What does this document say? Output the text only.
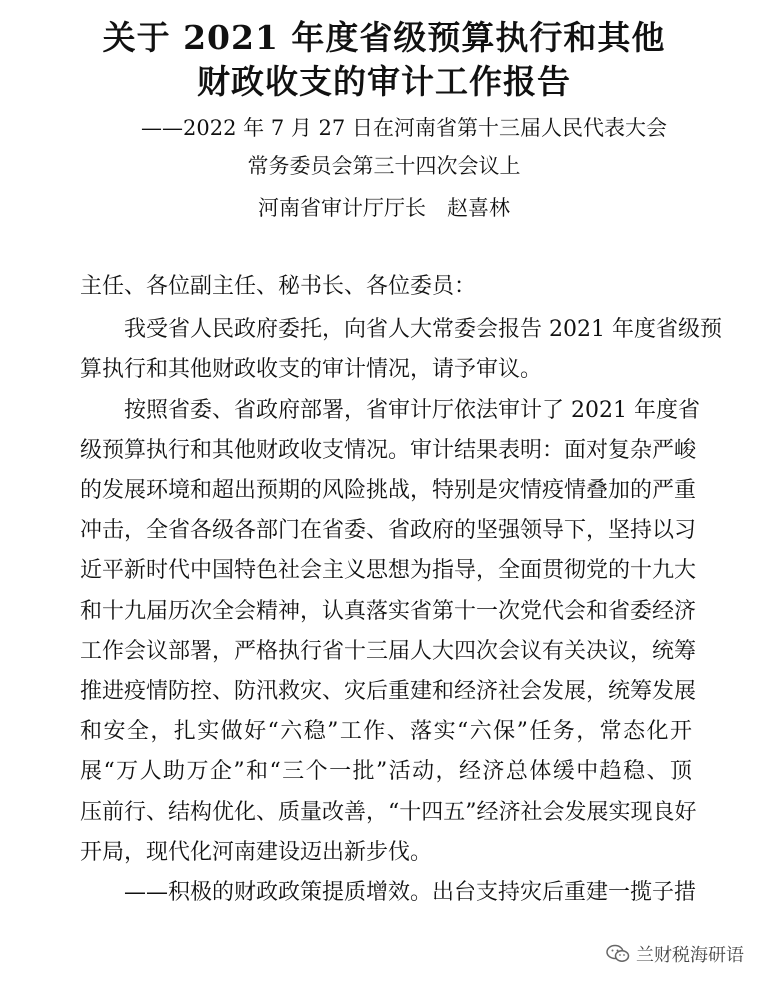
关于 2021 年度省级预算执行和其他
财政收支的审计工作报告
——2022 年 7 月 27 日在河南省第十三届人民代表大会
常务委员会第三十四次会议上
河南省审计厅厅长　赵喜林
主任、各位副主任、秘书长、各位委员：
我受省人民政府委托，向省人大常委会报告 2021 年度省级预
算执行和其他财政收支的审计情况，请予审议。
按照省委、省政府部署，省审计厅依法审计了 2021 年度省
级预算执行和其他财政收支情况。审计结果表明：面对复杂严峻
的发展环境和超出预期的风险挑战，特别是灾情疫情叠加的严重
冲击，全省各级各部门在省委、省政府的坚强领导下，坚持以习
近平新时代中国特色社会主义思想为指导，全面贯彻党的十九大
和十九届历次全会精神，认真落实省第十一次党代会和省委经济
工作会议部署，严格执行省十三届人大四次会议有关决议，统筹
推进疫情防控、防汛救灾、灾后重建和经济社会发展，统筹发展
和安全，扎实做好“六稳”工作、落实“六保”任务，常态化开
展“万人助万企”和“三个一批”活动，经济总体缓中趋稳、顶
压前行、结构优化、质量改善，“十四五”经济社会发展实现良好
开局，现代化河南建设迈出新步伐。
——积极的财政政策提质增效。出台支持灾后重建一揽子措
兰财税海研语
